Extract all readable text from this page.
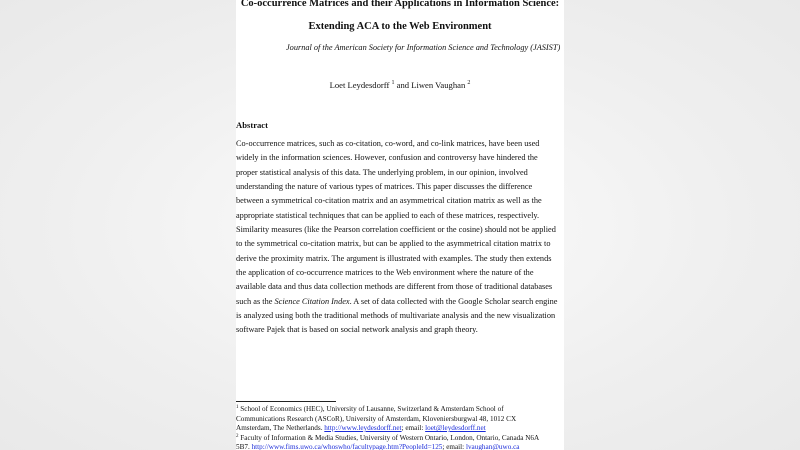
Co-occurrence Matrices and their Applications in Information Science:
Extending ACA to the Web Environment
Journal of the American Society for Information Science and Technology (JASIST)
Loet Leydesdorff $^1$ and Liwen Vaughan $^2$
Abstract
Co-occurrence matrices, such as co-citation, co-word, and co-link matrices, have been used
widely in the information sciences. However, confusion and controversy have hindered the
proper statistical analysis of this data. The underlying problem, in our opinion, involved
understanding the nature of various types of matrices. This paper discusses the difference
between a symmetrical co-citation matrix and an asymmetrical citation matrix as well as the
appropriate statistical techniques that can be applied to each of these matrices, respectively.
Similarity measures (like the Pearson correlation coefficient or the cosine) should not be applied
to the symmetrical co-citation matrix, but can be applied to the asymmetrical citation matrix to
derive the proximity matrix. The argument is illustrated with examples. The study then extends
the application of co-occurrence matrices to the Web environment where the nature of the
available data and thus data collection methods are different from those of traditional databases
such as the Science Citation Index. A set of data collected with the Google Scholar search engine
is analyzed using both the traditional methods of multivariate analysis and the new visualization
software Pajek that is based on social network analysis and graph theory.
$^1$ School of Economics (HEC), University of Lausanne, Switzerland & Amsterdam School of
Communications Research (ASCoR), University of Amsterdam, Kloveniersburgwal 48, 1012 CX
Amsterdam, The Netherlands. http://www.leydesdorff.net; email: loet@leydesdorff.net
$^2$ Faculty of Information & Media Studies, University of Western Ontario, London, Ontario, Canada N6A
5B7. http://www.fims.uwo.ca/whoswho/facultypage.htm?PeopleId=125; email: lvaughan@uwo.ca
